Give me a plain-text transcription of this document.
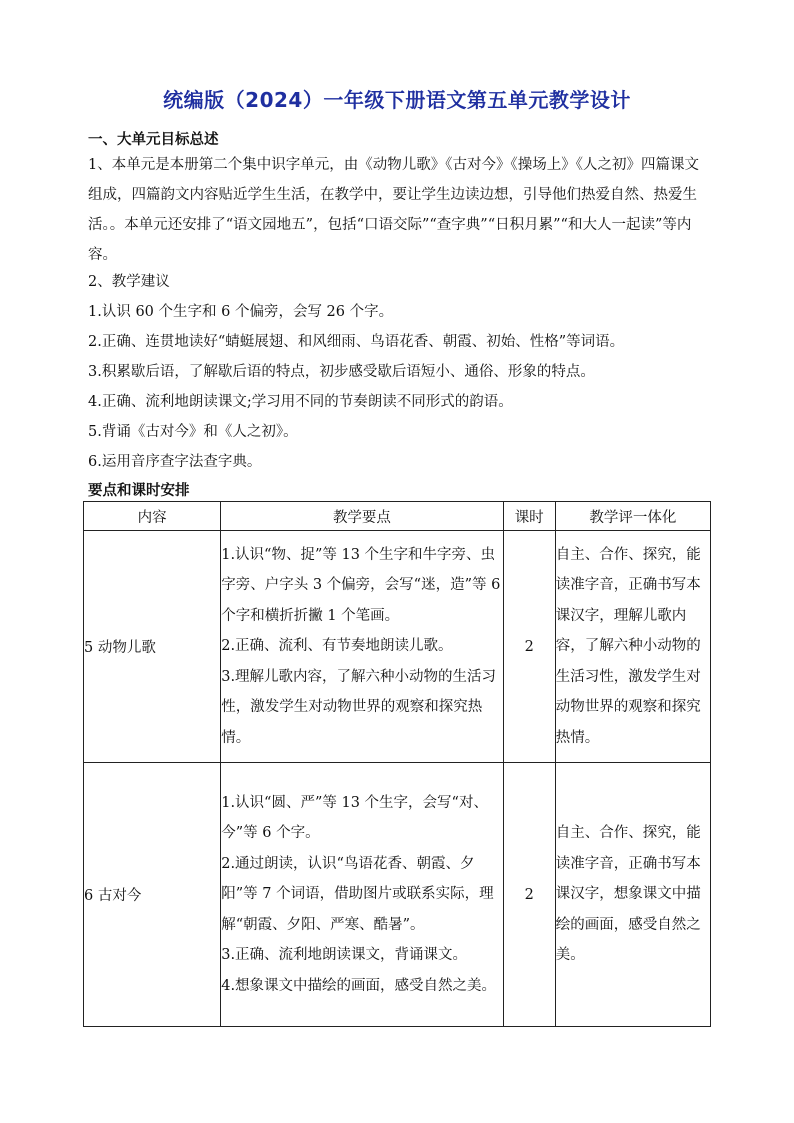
统编版（2024）一年级下册语文第五单元教学设计
一、大单元目标总述

1、本单元是本册第二个集中识字单元，由《动物儿歌》《古对今》《操场上》《人之初》四篇课文组成，四篇韵文内容贴近学生生活，在教学中，要让学生边读边想，引导他们热爱自然、热爱生活。。本单元还安排了“语文园地五”，包括“口语交际”“查字典”“日积月累”“和大人一起读”等内容。

2、教学建议
1.认识 60 个生字和 6 个偏旁，会写 26 个字。
2.正确、连贯地读好“蜻蜓展翅、和风细雨、鸟语花香、朝霞、初始、性格”等词语。
3.积累歇后语，了解歇后语的特点，初步感受歇后语短小、通俗、形象的特点。
4.正确、流利地朗读课文;学习用不同的节奏朗读不同形式的韵语。
5.背诵《古对今》和《人之初》。
6.运用音序查字法查字典。
要点和课时安排
内容	教学要点	课时	教学评一体化
5 动物儿歌	1.认识“物、捉”等 13 个生字和牛字旁、虫字旁、户字头 3 个偏旁，会写“迷，造”等 6 个字和横折折撇 1 个笔画。
2.正确、流利、有节奏地朗读儿歌。
3.理解儿歌内容，了解六种小动物的生活习性，激发学生对动物世界的观察和探究热情。	2	自主、合作、探究，能读准字音，正确书写本课汉字，理解儿歌内容，了解六种小动物的生活习性，激发学生对动物世界的观察和探究热情。
6 古对今	1.认识“圆、严”等 13 个生字，会写“对、今”等 6 个字。
2.通过朗读，认识“鸟语花香、朝霞、夕阳”等 7 个词语，借助图片或联系实际，理解“朝霞、夕阳、严寒、酷暑”。
3.正确、流利地朗读课文，背诵课文。
4.想象课文中描绘的画面，感受自然之美。	2	自主、合作、探究，能读准字音，正确书写本课汉字，想象课文中描绘的画面，感受自然之美。
